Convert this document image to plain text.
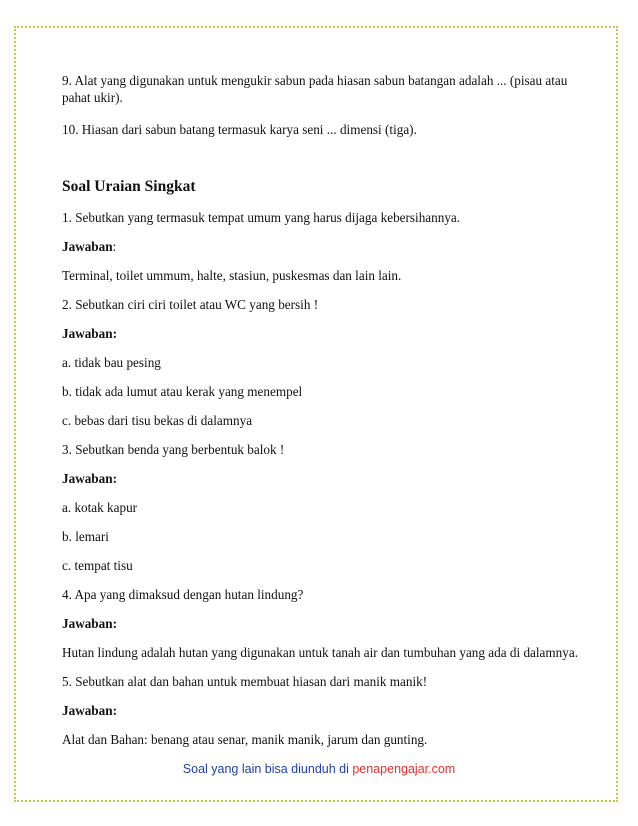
9. Alat yang digunakan untuk mengukir sabun pada hiasan sabun batangan adalah ... (pisau atau pahat ukir).

10. Hiasan dari sabun batang termasuk karya seni ... dimensi (tiga).

Soal Uraian Singkat

1. Sebutkan yang termasuk tempat umum yang harus dijaga kebersihannya.

Jawaban:

Terminal, toilet ummum, halte, stasiun, puskesmas dan lain lain.

2. Sebutkan ciri ciri toilet atau WC yang bersih !

Jawaban:

a. tidak bau pesing

b. tidak ada lumut atau kerak yang menempel

c. bebas dari tisu bekas di dalamnya

3. Sebutkan benda yang berbentuk balok !

Jawaban:

a. kotak kapur

b. lemari

c. tempat tisu

4. Apa yang dimaksud dengan hutan lindung?

Jawaban:

Hutan lindung adalah hutan yang digunakan untuk tanah air dan tumbuhan yang ada di dalamnya.

5. Sebutkan alat dan bahan untuk membuat hiasan dari manik manik!

Jawaban:

Alat dan Bahan: benang atau senar, manik manik, jarum dan gunting.

Soal yang lain bisa diunduh di penapengajar.com
